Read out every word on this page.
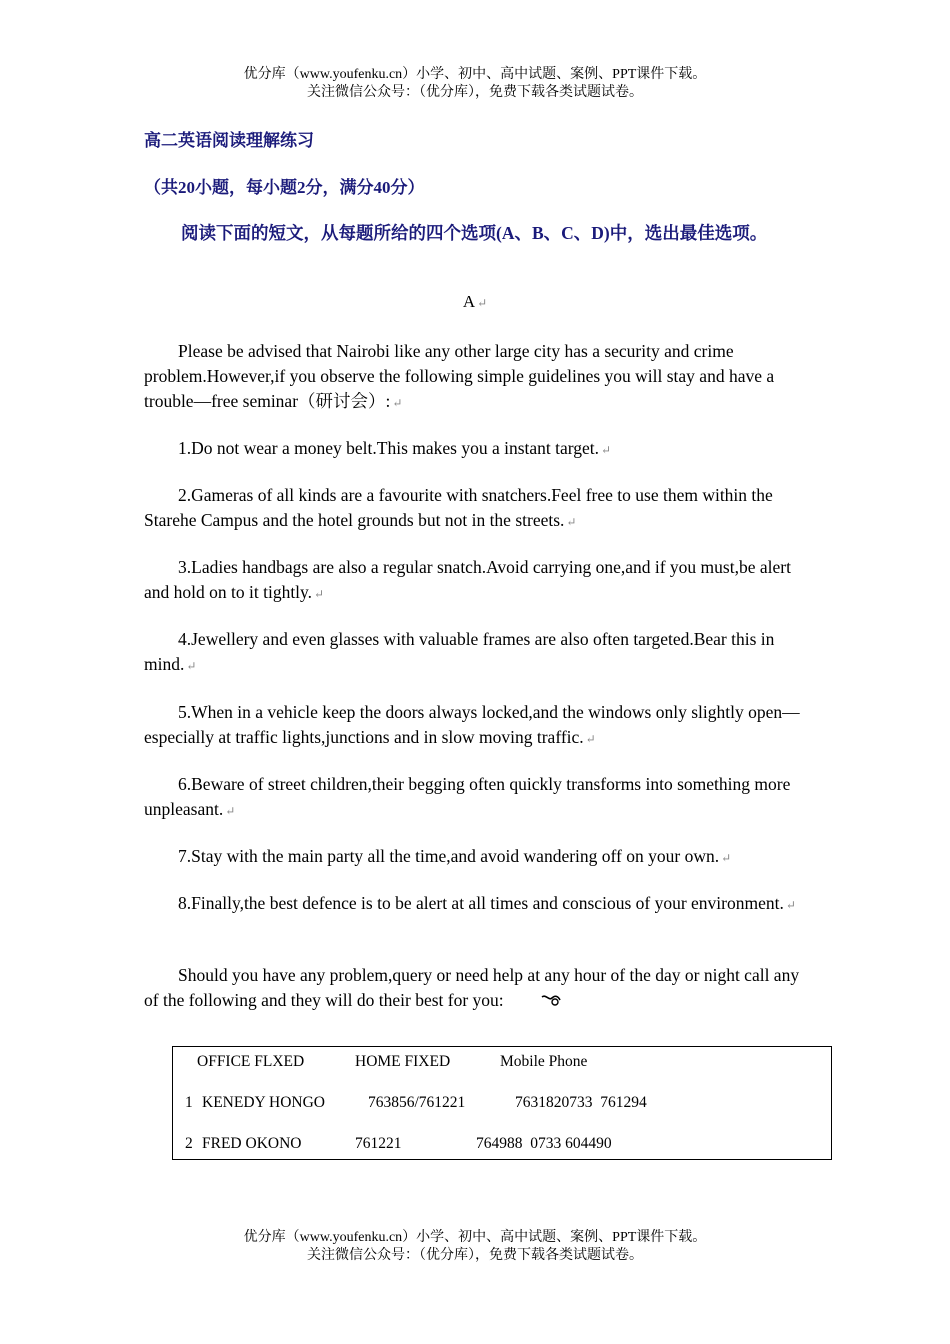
优分库（www.youfenku.cn）小学、初中、高中试题、案例、PPT课件下载。
关注微信公众号：（优分库），免费下载各类试题试卷。
高二英语阅读理解练习
（共20小题，每小题2分，满分40分）
阅读下面的短文，从每题所给的四个选项(A、B、C、D)中，选出最佳选项。
A ↵
Please be advised that Nairobi like any other large city has a security and crime problem.However,if you observe the following simple guidelines you will stay and have a trouble—free seminar（研讨会）: ↵
1.Do not wear a money belt.This makes you a instant target. ↵
2.Gameras of all kinds are a favourite with snatchers.Feel free to use them within the Starehe Campus and the hotel grounds but not in the streets. ↵
3.Ladies handbags are also a regular snatch.Avoid carrying one,and if you must,be alert and hold on to it tightly. ↵
4.Jewellery and even glasses with valuable frames are also often targeted.Bear this in mind. ↵
5.When in a vehicle keep the doors always locked,and the windows only slightly open—especially at traffic lights,junctions and in slow moving traffic. ↵
6.Beware of street children,their begging often quickly transforms into something more unpleasant. ↵
7.Stay with the main party all the time,and avoid wandering off on your own. ↵
8.Finally,the best defence is to be alert at all times and conscious of your environment. ↵
Should you have any problem,query or need help at any hour of the day or night call any of the following and they will do their best for you:
OFFICE FLXED	HOME FIXED	Mobile Phone
1 KENEDY HONGO	763856/761221	7631820733  761294
2 FRED OKONO	761221	764988  0733 604490
优分库（www.youfenku.cn）小学、初中、高中试题、案例、PPT课件下载。
关注微信公众号：（优分库），免费下载各类试题试卷。
